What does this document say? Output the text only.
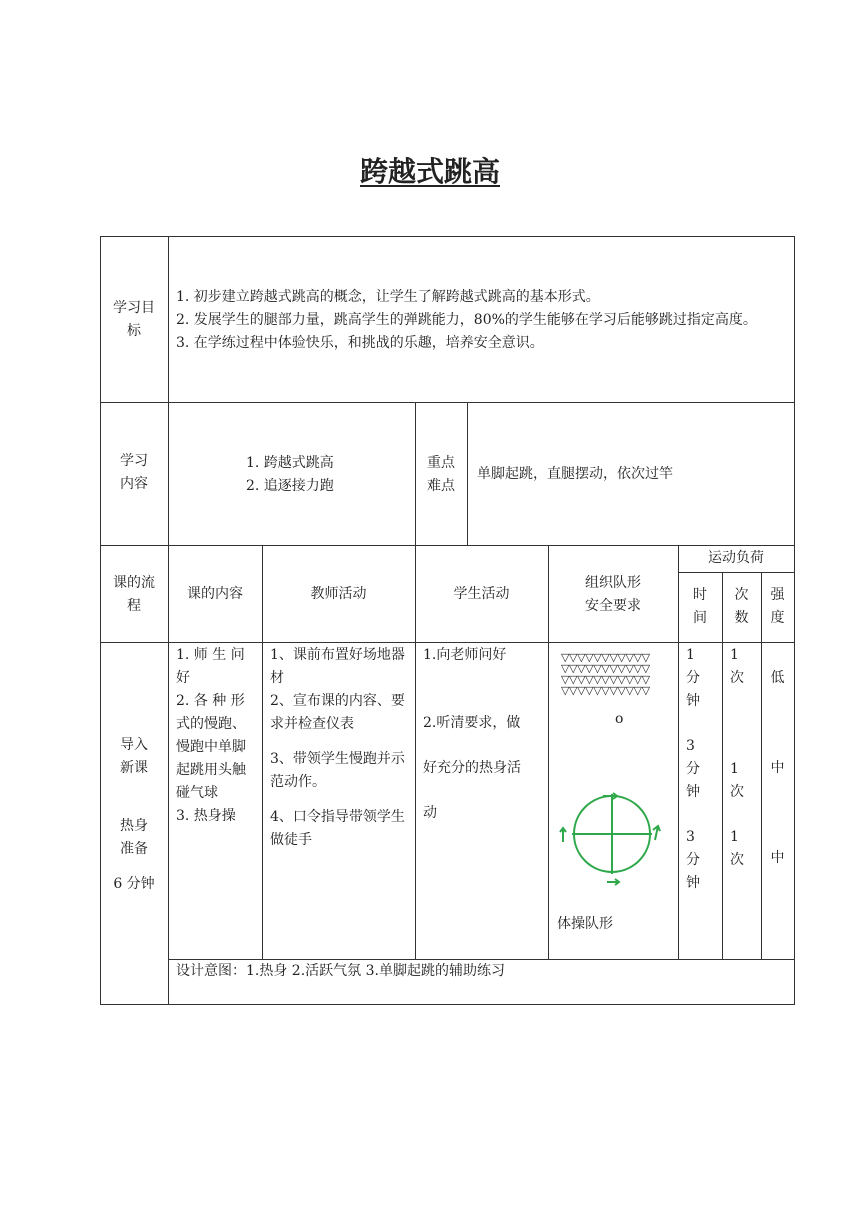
跨越式跳高
学习目
标
1. 初步建立跨越式跳高的概念，让学生了解跨越式跳高的基本形式。
2. 发展学生的腿部力量，跳高学生的弹跳能力，80%的学生能够在学习后能够跳过指定高度。
3. 在学练过程中体验快乐，和挑战的乐趣，培养安全意识。
学习
内容
1. 跨越式跳高
2. 追逐接力跑
重点
难点
单脚起跳，直腿摆动，依次过竿
课的流
程
课的内容	教师活动	学生活动
组织队形
安全要求
运动负荷
时
间
次
数
强
度
导入
新课
热身
准备
6 分钟
1. 师 生 问
好
2. 各 种 形
式的慢跑、
慢跑中单脚
起跳用头触
碰气球
3. 热身操
1、课前布置好场地器
材
2、宣布课的内容、要
求并检查仪表
3、带领学生慢跑并示
范动作。
4、口令指导带领学生
做徒手
1.向老师问好
2.听清要求，做
好充分的热身活
动
▽▽▽▽▽▽▽▽▽▽▽
▽▽▽▽▽▽▽▽▽▽▽
▽▽▽▽▽▽▽▽▽▽▽
▽▽▽▽▽▽▽▽▽▽▽
o
体操队形
1
分
钟
3
分
钟
3
分
钟
1
次
1
次
1
次
低
中
中
设计意图：1.热身 2.活跃气氛 3.单脚起跳的辅助练习
